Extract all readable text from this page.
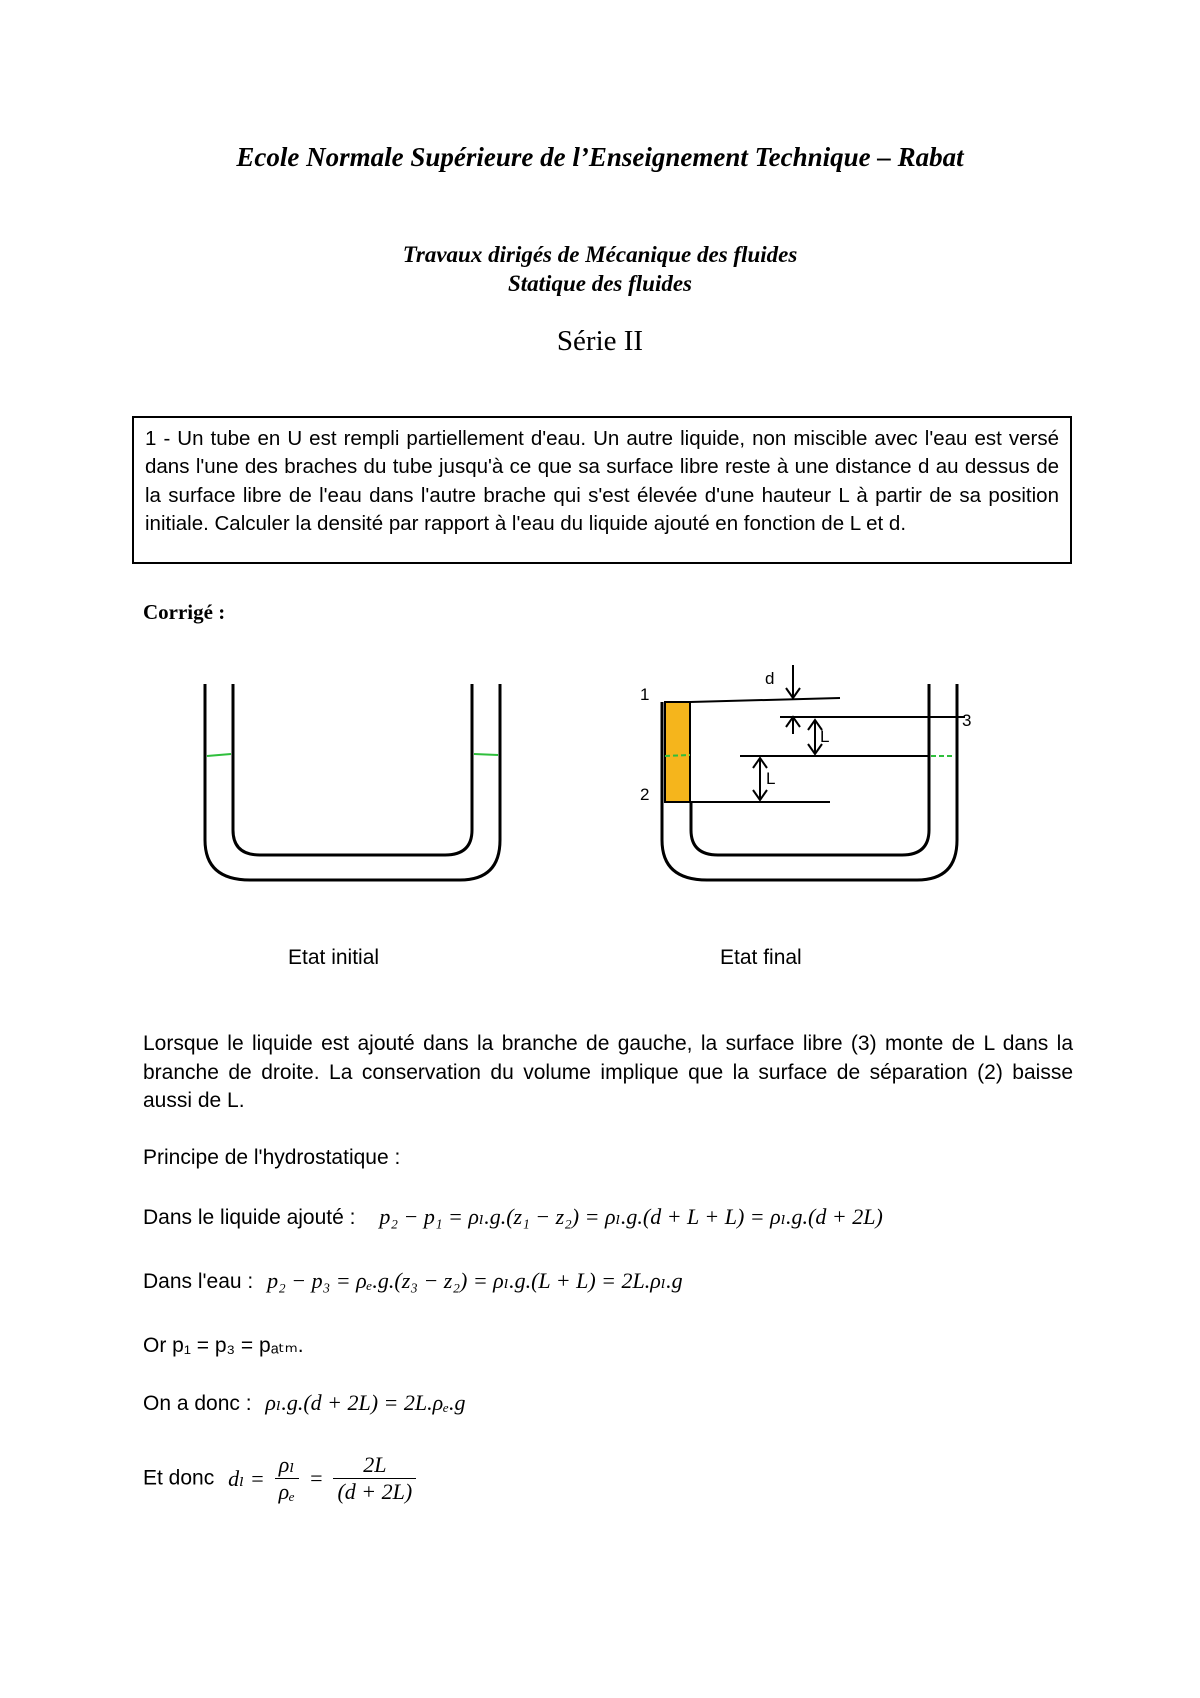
Ecole Normale Supérieure de l’Enseignement Technique – Rabat
Travaux dirigés de Mécanique des fluides
Statique des fluides
Série II
1 - Un tube en U est rempli partiellement d'eau. Un autre liquide, non miscible avec l'eau est versé dans l'une des braches du tube jusqu'à ce que sa surface libre reste à une distance d au dessus de la surface libre de l'eau dans l'autre brache qui s'est élevée d'une hauteur L à partir de sa position initiale. Calculer la densité par rapport à l'eau du liquide ajouté en fonction de L et d.
Corrigé :
1
2
3
d
L
L
Etat initial	Etat final
Lorsque le liquide est ajouté dans la branche de gauche, la surface libre (3) monte de L dans la branche de droite. La conservation du volume implique que la surface de séparation (2) baisse aussi de L.
Principe de l'hydrostatique :
Dans le liquide ajouté : p₂ − p₁ = ρₗ.g.(z₁ − z₂) = ρₗ.g.(d + L + L) = ρₗ.g.(d + 2L)
Dans l'eau : p₂ − p₃ = ρₑ.g.(z₃ − z₂) = ρₗ.g.(L + L) = 2L.ρₗ.g
Or p₁ = p₃ = pₐₜₘ.
On a donc : ρₗ.g.(d + 2L) = 2L.ρₑ.g
Et donc $d_l = \frac{\text{ρₗ}}{\text{ρₑ}} = \frac{2L}{(d + 2L)}$
